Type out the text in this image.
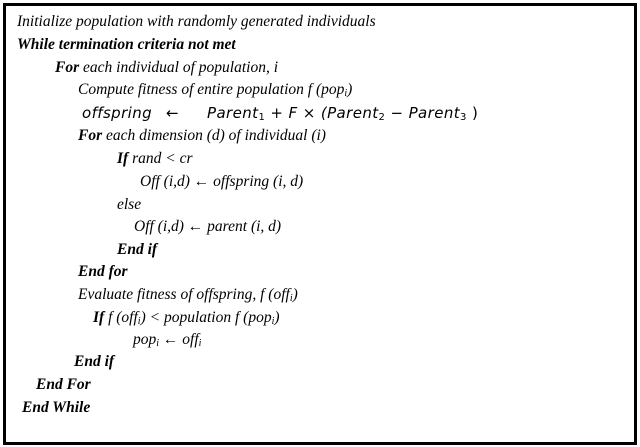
Initialize population with randomly generated individuals
While termination criteria not met
For each individual of population, i
Compute fitness of entire population f (pop$_i$)
offspring ← Parent$_1$ + F × (Parent$_2$ − Parent$_3$ )
For each dimension (d) of individual (i)
If rand < cr
Off (i,d) ← offspring (i, d)
else
Off (i,d) ← parent (i, d)
End if
End for
Evaluate fitness of offspring, f (off$_i$)
If f (off$_i$) < population f (pop$_i$)
pop$_i$ ← off$_i$
End if
End For
End While
